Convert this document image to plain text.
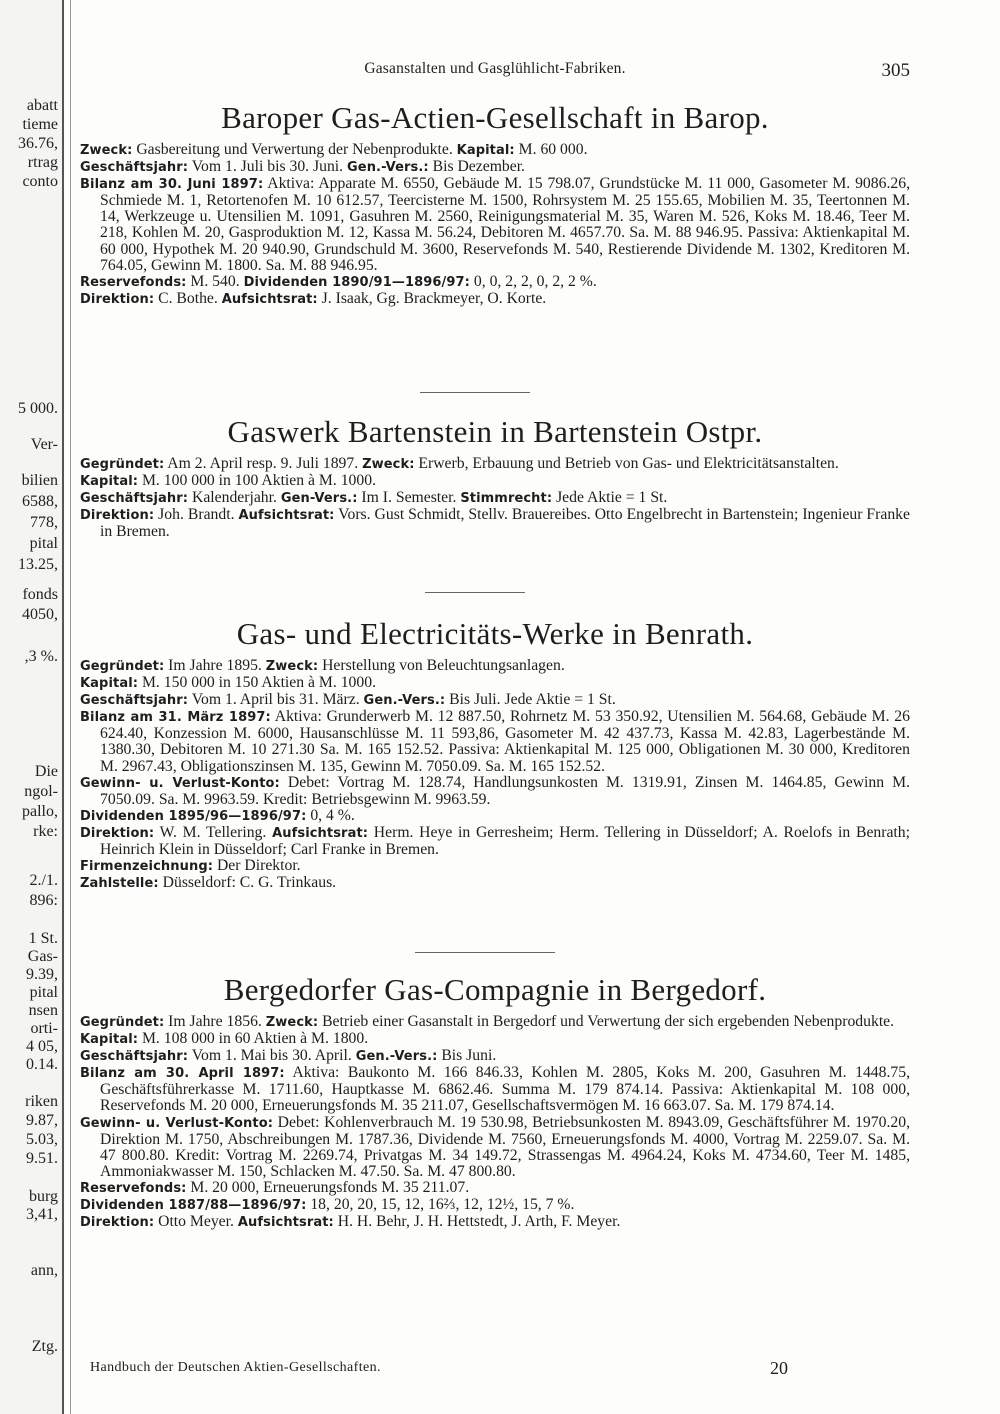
abatt
tieme
36.76,
rtrag
conto
5 000.
Ver-
bilien
6588,
778,
pital
13.25,
fonds
4050,
,3 %.
Die
ngol-
pallo,
rke:
2./1.
896:
1 St.
Gas-
9.39,
pital
nsen
orti-
4 05,
0.14.
riken
9.87,
5.03,
9.51.
burg
3,41,
ann,
Ztg.
Gasanstalten und Gasglühlicht-Fabriken.	305
Baroper Gas-Actien-Gesellschaft in Barop.

Zweck: Gasbereitung und Verwertung der Nebenprodukte. Kapital: M. 60 000.

Geschäftsjahr: Vom 1. Juli bis 30. Juni. Gen.-Vers.: Bis Dezember.

Bilanz am 30. Juni 1897: Aktiva: Apparate M. 6550, Gebäude M. 15 798.07, Grundstücke M. 11 000, Gasometer M. 9086.26, Schmiede M. 1, Retortenofen M. 10 612.57, Teercisterne M. 1500, Rohrsystem M. 25 155.65, Mobilien M. 35, Teertonnen M. 14, Werkzeuge u. Utensilien M. 1091, Gasuhren M. 2560, Reinigungsmaterial M. 35, Waren M. 526, Koks M. 18.46, Teer M. 218, Kohlen M. 20, Gasproduktion M. 12, Kassa M. 56.24, Debitoren M. 4657.70. Sa. M. 88 946.95. Passiva: Aktienkapital M. 60 000, Hypothek M. 20 940.90, Grundschuld M. 3600, Reservefonds M. 540, Restierende Dividende M. 1302, Kreditoren M. 764.05, Gewinn M. 1800. Sa. M. 88 946.95.

Reservefonds: M. 540. Dividenden 1890/91—1896/97: 0, 0, 2, 2, 0, 2, 2 %.

Direktion: C. Bothe. Aufsichtsrat: J. Isaak, Gg. Brackmeyer, O. Korte.

Gaswerk Bartenstein in Bartenstein Ostpr.

Gegründet: Am 2. April resp. 9. Juli 1897. Zweck: Erwerb, Erbauung und Betrieb von Gas- und Elektricitätsanstalten.

Kapital: M. 100 000 in 100 Aktien à M. 1000.

Geschäftsjahr: Kalenderjahr. Gen-Vers.: Im I. Semester. Stimmrecht: Jede Aktie = 1 St.

Direktion: Joh. Brandt. Aufsichtsrat: Vors. Gust Schmidt, Stellv. Brauereibes. Otto Engelbrecht in Bartenstein; Ingenieur Franke in Bremen.

Gas- und Electricitäts-Werke in Benrath.

Gegründet: Im Jahre 1895. Zweck: Herstellung von Beleuchtungsanlagen.

Kapital: M. 150 000 in 150 Aktien à M. 1000.

Geschäftsjahr: Vom 1. April bis 31. März. Gen.-Vers.: Bis Juli. Jede Aktie = 1 St.

Bilanz am 31. März 1897: Aktiva: Grunderwerb M. 12 887.50, Rohrnetz M. 53 350.92, Utensilien M. 564.68, Gebäude M. 26 624.40, Konzession M. 6000, Hausanschlüsse M. 11 593,86, Gasometer M. 42 437.73, Kassa M. 42.83, Lagerbestände M. 1380.30, Debitoren M. 10 271.30 Sa. M. 165 152.52. Passiva: Aktienkapital M. 125 000, Obligationen M. 30 000, Kreditoren M. 2967.43, Obligationszinsen M. 135, Gewinn M. 7050.09. Sa. M. 165 152.52.

Gewinn- u. Verlust-Konto: Debet: Vortrag M. 128.74, Handlungsunkosten M. 1319.91, Zinsen M. 1464.85, Gewinn M. 7050.09. Sa. M. 9963.59. Kredit: Betriebsgewinn M. 9963.59.

Dividenden 1895/96—1896/97: 0, 4 %.

Direktion: W. M. Tellering. Aufsichtsrat: Herm. Heye in Gerresheim; Herm. Tellering in Düsseldorf; A. Roelofs in Benrath; Heinrich Klein in Düsseldorf; Carl Franke in Bremen.

Firmenzeichnung: Der Direktor.

Zahlstelle: Düsseldorf: C. G. Trinkaus.

Bergedorfer Gas-Compagnie in Bergedorf.

Gegründet: Im Jahre 1856. Zweck: Betrieb einer Gasanstalt in Bergedorf und Verwertung der sich ergebenden Nebenprodukte.

Kapital: M. 108 000 in 60 Aktien à M. 1800.

Geschäftsjahr: Vom 1. Mai bis 30. April. Gen.-Vers.: Bis Juni.

Bilanz am 30. April 1897: Aktiva: Baukonto M. 166 846.33, Kohlen M. 2805, Koks M. 200, Gasuhren M. 1448.75, Geschäftsführerkasse M. 1711.60, Hauptkasse M. 6862.46. Summa M. 179 874.14. Passiva: Aktienkapital M. 108 000, Reservefonds M. 20 000, Erneuerungsfonds M. 35 211.07, Gesellschaftsvermögen M. 16 663.07. Sa. M. 179 874.14.

Gewinn- u. Verlust-Konto: Debet: Kohlenverbrauch M. 19 530.98, Betriebsunkosten M. 8943.09, Geschäftsführer M. 1970.20, Direktion M. 1750, Abschreibungen M. 1787.36, Dividende M. 7560, Erneuerungsfonds M. 4000, Vortrag M. 2259.07. Sa. M. 47 800.80. Kredit: Vortrag M. 2269.74, Privatgas M. 34 149.72, Strassengas M. 4964.24, Koks M. 4734.60, Teer M. 1485, Ammoniakwasser M. 150, Schlacken M. 47.50. Sa. M. 47 800.80.

Reservefonds: M. 20 000, Erneuerungsfonds M. 35 211.07.

Dividenden 1887/88—1896/97: 18, 20, 20, 15, 12, 16⅔, 12, 12½, 15, 7 %.

Direktion: Otto Meyer. Aufsichtsrat: H. H. Behr, J. H. Hettstedt, J. Arth, F. Meyer.

Handbuch der Deutschen Aktien-Gesellschaften.	20
